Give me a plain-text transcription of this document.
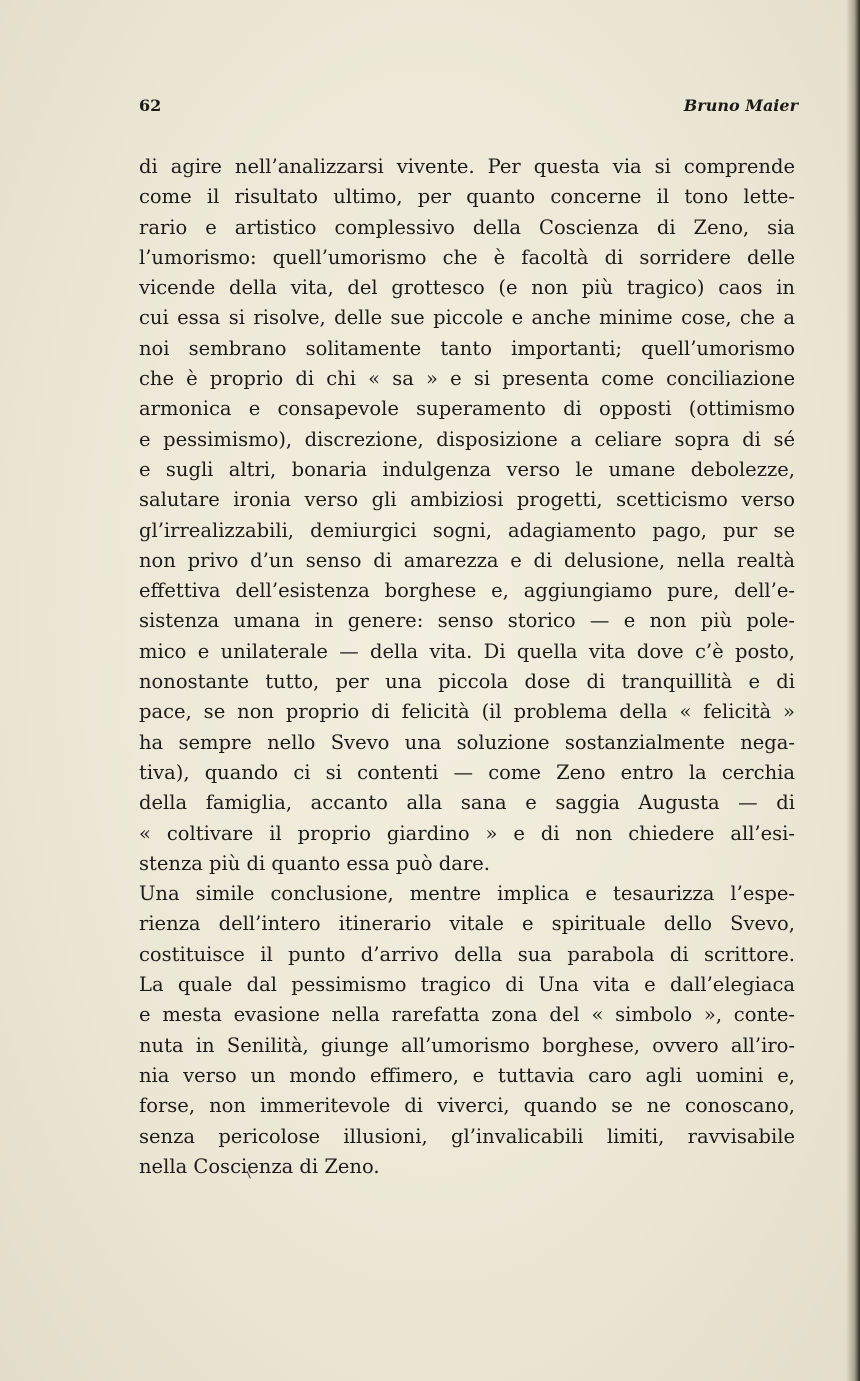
62	Bruno Maier
di agire nell’analizzarsi vivente. Per questa via si comprende
come il risultato ultimo, per quanto concerne il tono lette-
rario e artistico complessivo della Coscienza di Zeno, sia
l’umorismo: quell’umorismo che è facoltà di sorridere delle
vicende della vita, del grottesco (e non più tragico) caos in
cui essa si risolve, delle sue piccole e anche minime cose, che a
noi sembrano solitamente tanto importanti; quell’umorismo
che è proprio di chi « sa » e si presenta come conciliazione
armonica e consapevole superamento di opposti (ottimismo
e pessimismo), discrezione, disposizione a celiare sopra di sé
e sugli altri, bonaria indulgenza verso le umane debolezze,
salutare ironia verso gli ambiziosi progetti, scetticismo verso
gl’irrealizzabili, demiurgici sogni, adagiamento pago, pur se
non privo d’un senso di amarezza e di delusione, nella realtà
effettiva dell’esistenza borghese e, aggiungiamo pure, dell’e-
sistenza umana in genere: senso storico — e non più pole-
mico e unilaterale — della vita. Di quella vita dove c’è posto,
nonostante tutto, per una piccola dose di tranquillità e di
pace, se non proprio di felicità (il problema della « felicità »
ha sempre nello Svevo una soluzione sostanzialmente nega-
tiva), quando ci si contenti — come Zeno entro la cerchia
della famiglia, accanto alla sana e saggia Augusta — di
« coltivare il proprio giardino » e di non chiedere all’esi-
stenza più di quanto essa può dare.
Una simile conclusione, mentre implica e tesaurizza l’espe-
rienza dell’intero itinerario vitale e spirituale dello Svevo,
costituisce il punto d’arrivo della sua parabola di scrittore.
La quale dal pessimismo tragico di Una vita e dall’elegiaca
e mesta evasione nella rarefatta zona del « simbolo », conte-
nuta in Senilità, giunge all’umorismo borghese, ovvero all’iro-
nia verso un mondo effimero, e tuttavia caro agli uomini e,
forse, non immeritevole di viverci, quando se ne conoscano,
senza pericolose illusioni, gl’invalicabili limiti, ravvisabile
nella Coscienza di Zeno.
